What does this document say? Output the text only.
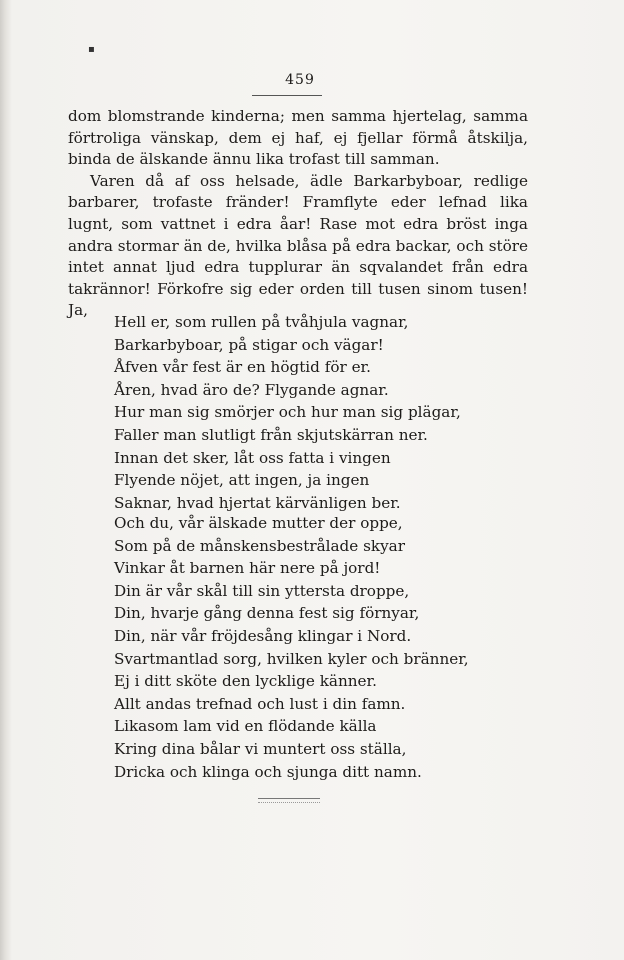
▪
459

dom blomstrande kinderna; men samma hjertelag, samma förtroliga vänskap, dem ej haf, ej fjellar förmå åtskilja, binda de älskande ännu lika trofast till samman.

Varen då af oss helsade, ädle Barkarbyboar, redlige barbarer, trofaste fränder! Framflyte eder lefnad lika lugnt, som vattnet i edra åar! Rase mot edra bröst inga andra stormar än de, hvilka blåsa på edra backar, och störe intet annat ljud edra tupplurar än sqvalandet från edra takrännor! Förkofre sig eder orden till tusen sinom tusen! Ja,

Hell er, som rullen på tvåhjula vagnar,
Barkarbyboar, på stigar och vägar!
Åfven vår fest är en högtid för er.
Åren, hvad äro de? Flygande agnar.
Hur man sig smörjer och hur man sig plägar,
Faller man slutligt från skjutskärran ner.
Innan det sker, låt oss fatta i vingen
Flyende nöjet, att ingen, ja ingen
Saknar, hvad hjertat kärvänligen ber.
Och du, vår älskade mutter der oppe,
Som på de månskensbestrålade skyar
Vinkar åt barnen här nere på jord!
Din är vår skål till sin yttersta droppe,
Din, hvarje gång denna fest sig förnyar,
Din, när vår fröjdesång klingar i Nord.
Svartmantlad sorg, hvilken kyler och bränner,
Ej i ditt sköte den lycklige känner.
Allt andas trefnad och lust i din famn.
Likasom lam vid en flödande källa
Kring dina bålar vi muntert oss ställa,
Dricka och klinga och sjunga ditt namn.
